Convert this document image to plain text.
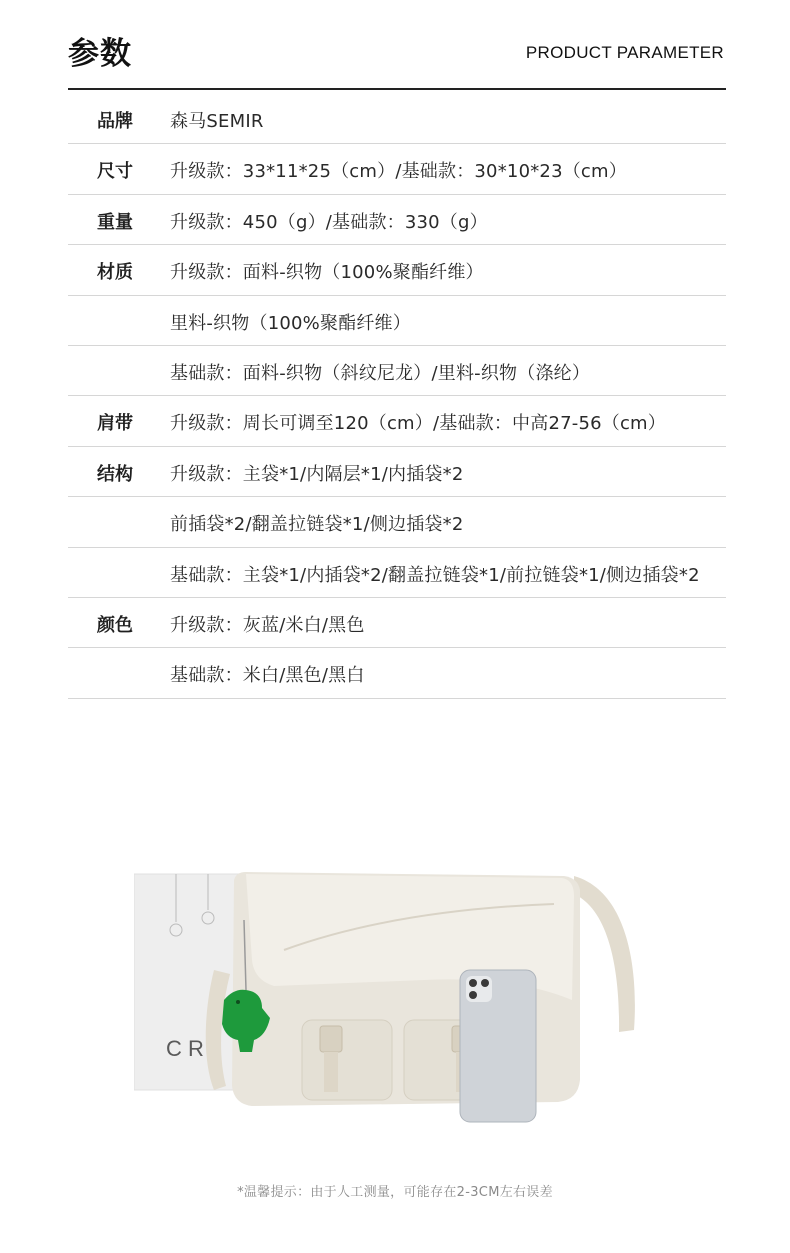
参数	PRODUCT PARAMETER
品牌 森马SEMIR
尺寸 升级款：33*11*25（cm）/基础款：30*10*23（cm）
重量 升级款：450（g）/基础款：330（g）
材质 升级款：面料-织物（100%聚酯纤维）
里料-织物（100%聚酯纤维）
基础款：面料-织物（斜纹尼龙）/里料-织物（涤纶）
肩带 升级款：周长可调至120（cm）/基础款：中高27-56（cm）
结构 升级款：主袋*1/内隔层*1/内插袋*2
前插袋*2/翻盖拉链袋*1/侧边插袋*2
基础款：主袋*1/内插袋*2/翻盖拉链袋*1/前拉链袋*1/侧边插袋*2
颜色 升级款：灰蓝/米白/黑色
基础款：米白/黑色/黑白
C R
*温馨提示：由于人工测量，可能存在2-3CM左右误差
